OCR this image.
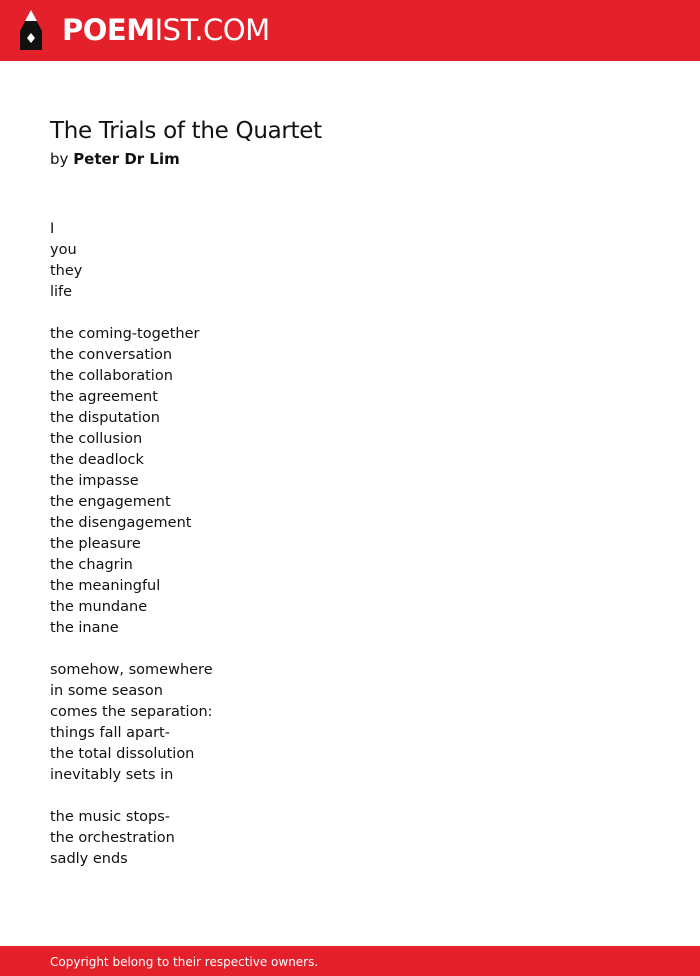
POEMIST.COM
The Trials of the Quartet
by Peter Dr Lim
I
you
they
life
the coming-together
the conversation
the collaboration
the agreement
the disputation
the collusion
the deadlock
the impasse
the engagement
the disengagement
the pleasure
the chagrin
the meaningful
the mundane
the inane
somehow, somewhere
in some season
comes the separation:
things fall apart-
the total dissolution
inevitably sets in
the music stops-
the orchestration
sadly ends
Copyright belong to their respective owners.
